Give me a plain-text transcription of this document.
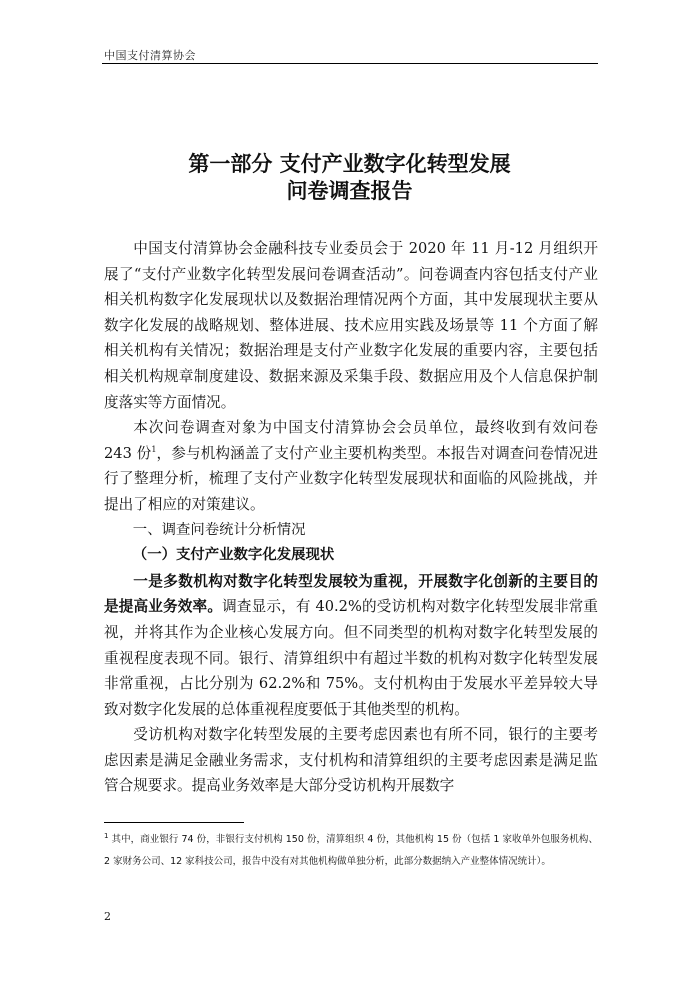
中国支付清算协会
第一部分 支付产业数字化转型发展
问卷调查报告

中国支付清算协会金融科技专业委员会于 2020 年 11 月-12 月组织开展了“支付产业数字化转型发展问卷调查活动”。问卷调查内容包括支付产业相关机构数字化发展现状以及数据治理情况两个方面，其中发展现状主要从数字化发展的战略规划、整体进展、技术应用实践及场景等 11 个方面了解相关机构有关情况；数据治理是支付产业数字化发展的重要内容，主要包括相关机构规章制度建设、数据来源及采集手段、数据应用及个人信息保护制度落实等方面情况。

本次问卷调查对象为中国支付清算协会会员单位，最终收到有效问卷 243 份$^1$，参与机构涵盖了支付产业主要机构类型。本报告对调查问卷情况进行了整理分析，梳理了支付产业数字化转型发展现状和面临的风险挑战，并提出了相应的对策建议。

一、调查问卷统计分析情况

（一）支付产业数字化发展现状

一是多数机构对数字化转型发展较为重视，开展数字化创新的主要目的是提高业务效率。调查显示，有 40.2%的受访机构对数字化转型发展非常重视，并将其作为企业核心发展方向。但不同类型的机构对数字化转型发展的重视程度表现不同。银行、清算组织中有超过半数的机构对数字化转型发展非常重视，占比分别为 62.2%和 75%。支付机构由于发展水平差异较大导致对数字化发展的总体重视程度要低于其他类型的机构。

受访机构对数字化转型发展的主要考虑因素也有所不同，银行的主要考虑因素是满足金融业务需求，支付机构和清算组织的主要考虑因素是满足监管合规要求。提高业务效率是大部分受访机构开展数字

$^1$ 其中，商业银行 74 份，非银行支付机构 150 份，清算组织 4 份，其他机构 15 份（包括 1 家收单外包服务机构、2 家财务公司、12 家科技公司，报告中没有对其他机构做单独分析，此部分数据纳入产业整体情况统计）。
2
